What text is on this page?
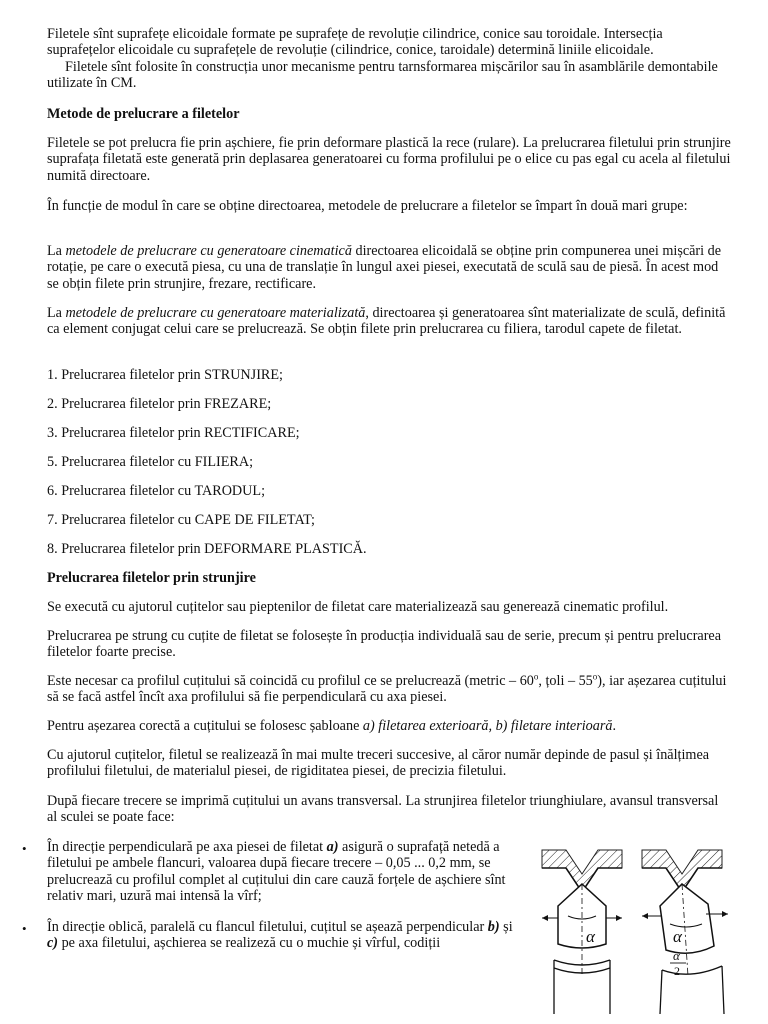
Filetele sînt suprafețe elicoidale formate pe suprafețe de revoluție cilindrice, conice sau toroidale. Intersecția suprafețelor elicoidale cu suprafețele de revoluție (cilindrice, conice, taroidale) determină liniile elicoidale.

Filetele sînt folosite în construcția unor mecanisme pentru tarnsformarea mișcărilor sau în asamblările demontabile utilizate în CM.

Metode de prelucrare a filetelor

Filetele se pot prelucra fie prin așchiere, fie prin deformare plastică la rece (rulare). La prelucrarea filetului prin strunjire suprafața filetată este generată prin deplasarea generatoarei cu forma profilului pe o elice cu pas egal cu acela al filetului numită directoare.

În funcție de modul în care se obține directoarea, metodele de prelucrare a filetelor se împart în două mari grupe:

La metodele de prelucrare cu generatoare cinematică directoarea elicoidală se obține prin compunerea unei mișcări de rotație, pe care o execută piesa, cu una de translație în lungul axei piesei, executată de sculă sau de piesă. În acest mod se obțin filete prin strunjire, frezare, rectificare.

La metodele de prelucrare cu generatoare materializată, directoarea și generatoarea sînt materializate de sculă, definită ca element conjugat celui care se prelucrează. Se obțin filete prin prelucrarea cu filiera, tarodul capete de filetat.

1. Prelucrarea filetelor prin STRUNJIRE;

2. Prelucrarea filetelor prin FREZARE;

3. Prelucrarea filetelor prin RECTIFICARE;

5. Prelucrarea filetelor cu FILIERA;

6. Prelucrarea filetelor cu TARODUL;

7. Prelucrarea filetelor cu CAPE DE FILETAT;

8. Prelucrarea filetelor prin DEFORMARE PLASTICĂ.

Prelucrarea filetelor prin strunjire

Se execută cu ajutorul cuțitelor sau pieptenilor de filetat care materializează sau generează cinematic profilul.

Prelucrarea pe strung cu cuțite de filetat se folosește în producția individuală sau de serie, precum și pentru prelucrarea filetelor foarte precise.

Este necesar ca profilul cuțitului să coincidă cu profilul ce se prelucrează (metric – 60$^o$, țoli – 55$^o$), iar așezarea cuțitului să se facă astfel încît axa profilului să fie perpendiculară cu axa piesei.

Pentru așezarea corectă a cuțitului se folosesc șabloane a) filetarea exterioară, b) filetare interioară.

Cu ajutorul cuțitelor, filetul se realizează în mai multe treceri succesive, al căror număr depinde de pasul și înălțimea profilului filetului, de materialul piesei, de rigiditatea piesei, de precizia filetului.

După fiecare trecere se imprimă cuțitului un avans transversal. La strunjirea filetelor triunghiulare, avansul transversal al sculei se poate face:

• În direcție perpendiculară pe axa piesei de filetat a) asigură o suprafață netedă a filetului pe ambele flancuri, valoarea după fiecare trecere – 0,05 ... 0,2 mm, se prelucrează cu profilul complet al cuțitului din care cauză forțele de așchiere sînt relativ mari, uzură mai intensă la vîrf;

• În direcție oblică, paralelă cu flancul filetului, cuțitul se așează perpendicular b) și c) pe axa filetului, așchierea se realizeză cu o muchie și vîrful, codiții	α	α
α
2
